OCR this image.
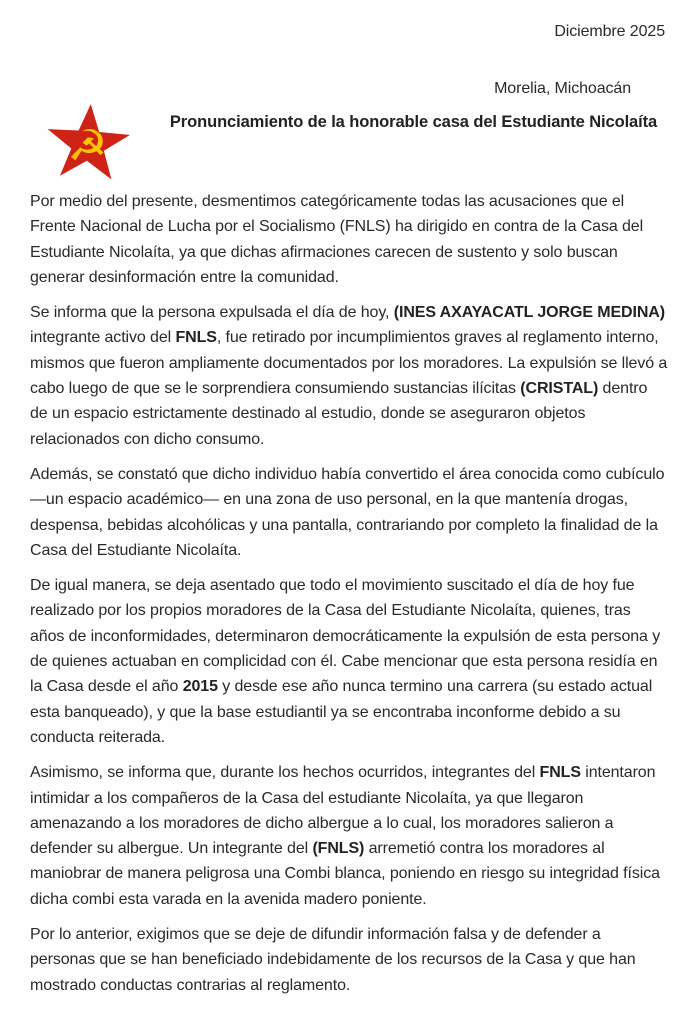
Diciembre 2025
Morelia, Michoacán
☭	Pronunciamiento de la honorable casa del Estudiante Nicolaíta

Por medio del presente, desmentimos categóricamente todas las acusaciones que el Frente Nacional de Lucha por el Socialismo (FNLS) ha dirigido en contra de la Casa del Estudiante Nicolaíta, ya que dichas afirmaciones carecen de sustento y solo buscan generar desinformación entre la comunidad.

Se informa que la persona expulsada el día de hoy, (INES AXAYACATL JORGE MEDINA) integrante activo del FNLS, fue retirado por incumplimientos graves al reglamento interno, mismos que fueron ampliamente documentados por los moradores. La expulsión se llevó a cabo luego de que se le sorprendiera consumiendo sustancias ilícitas (CRISTAL) dentro de un espacio estrictamente destinado al estudio, donde se aseguraron objetos relacionados con dicho consumo.

Además, se constató que dicho individuo había convertido el área conocida como cubículo —un espacio académico— en una zona de uso personal, en la que mantenía drogas, despensa, bebidas alcohólicas y una pantalla, contrariando por completo la finalidad de la Casa del Estudiante Nicolaíta.

De igual manera, se deja asentado que todo el movimiento suscitado el día de hoy fue realizado por los propios moradores de la Casa del Estudiante Nicolaíta, quienes, tras años de inconformidades, determinaron democráticamente la expulsión de esta persona y de quienes actuaban en complicidad con él. Cabe mencionar que esta persona residía en la Casa desde el año 2015 y desde ese año nunca termino una carrera (su estado actual esta banqueado), y que la base estudiantil ya se encontraba inconforme debido a su conducta reiterada.

Asimismo, se informa que, durante los hechos ocurridos, integrantes del FNLS intentaron intimidar a los compañeros de la Casa del estudiante Nicolaíta, ya que llegaron amenazando a los moradores de dicho albergue a lo cual, los moradores salieron a defender su albergue. Un integrante del (FNLS) arremetió contra los moradores al maniobrar de manera peligrosa una Combi blanca, poniendo en riesgo su integridad física dicha combi esta varada en la avenida madero poniente.

Por lo anterior, exigimos que se deje de difundir información falsa y de defender a personas que se han beneficiado indebidamente de los recursos de la Casa y que han mostrado conductas contrarias al reglamento.
